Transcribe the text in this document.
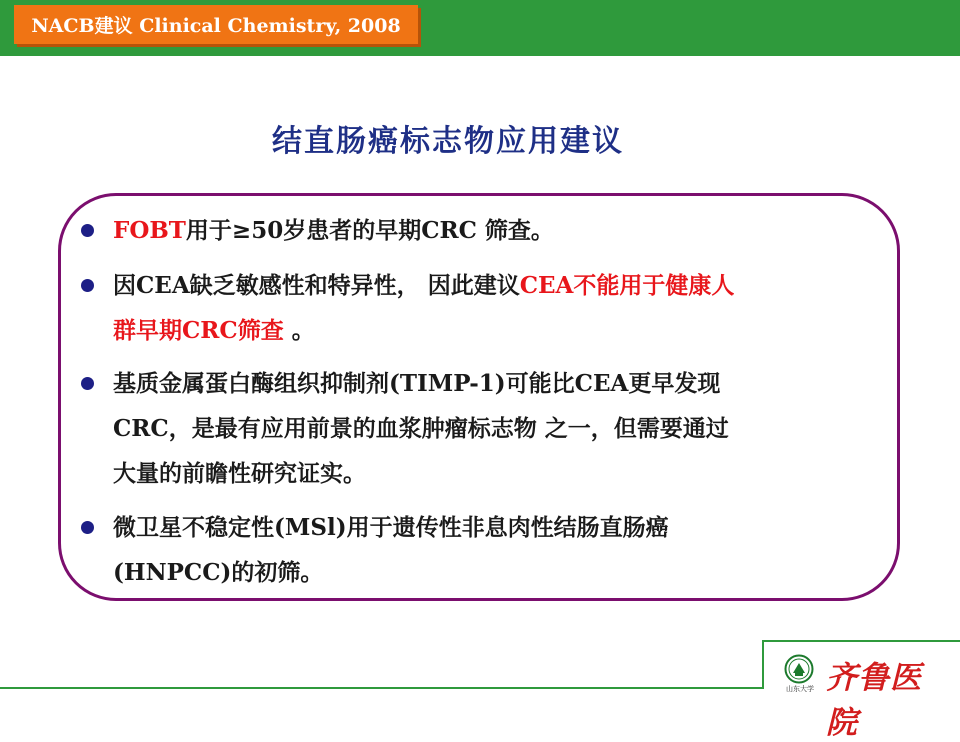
NACB建议 Clinical Chemistry, 2008
结直肠癌标志物应用建议
FOBT用于≥50岁患者的早期CRC 筛查。
因CEA缺乏敏感性和特异性， 因此建议CEA不能用于健康人
群早期CRC筛查 。
基质金属蛋白酶组织抑制剂(TIMP-1)可能比CEA更早发现
CRC，是最有应用前景的血浆肿瘤标志物 之一，但需要通过
大量的前瞻性研究证实。
微卫星不稳定性(MSl)用于遗传性非息肉性结肠直肠癌
(HNPCC)的初筛。
山东大学 齐鲁医院
